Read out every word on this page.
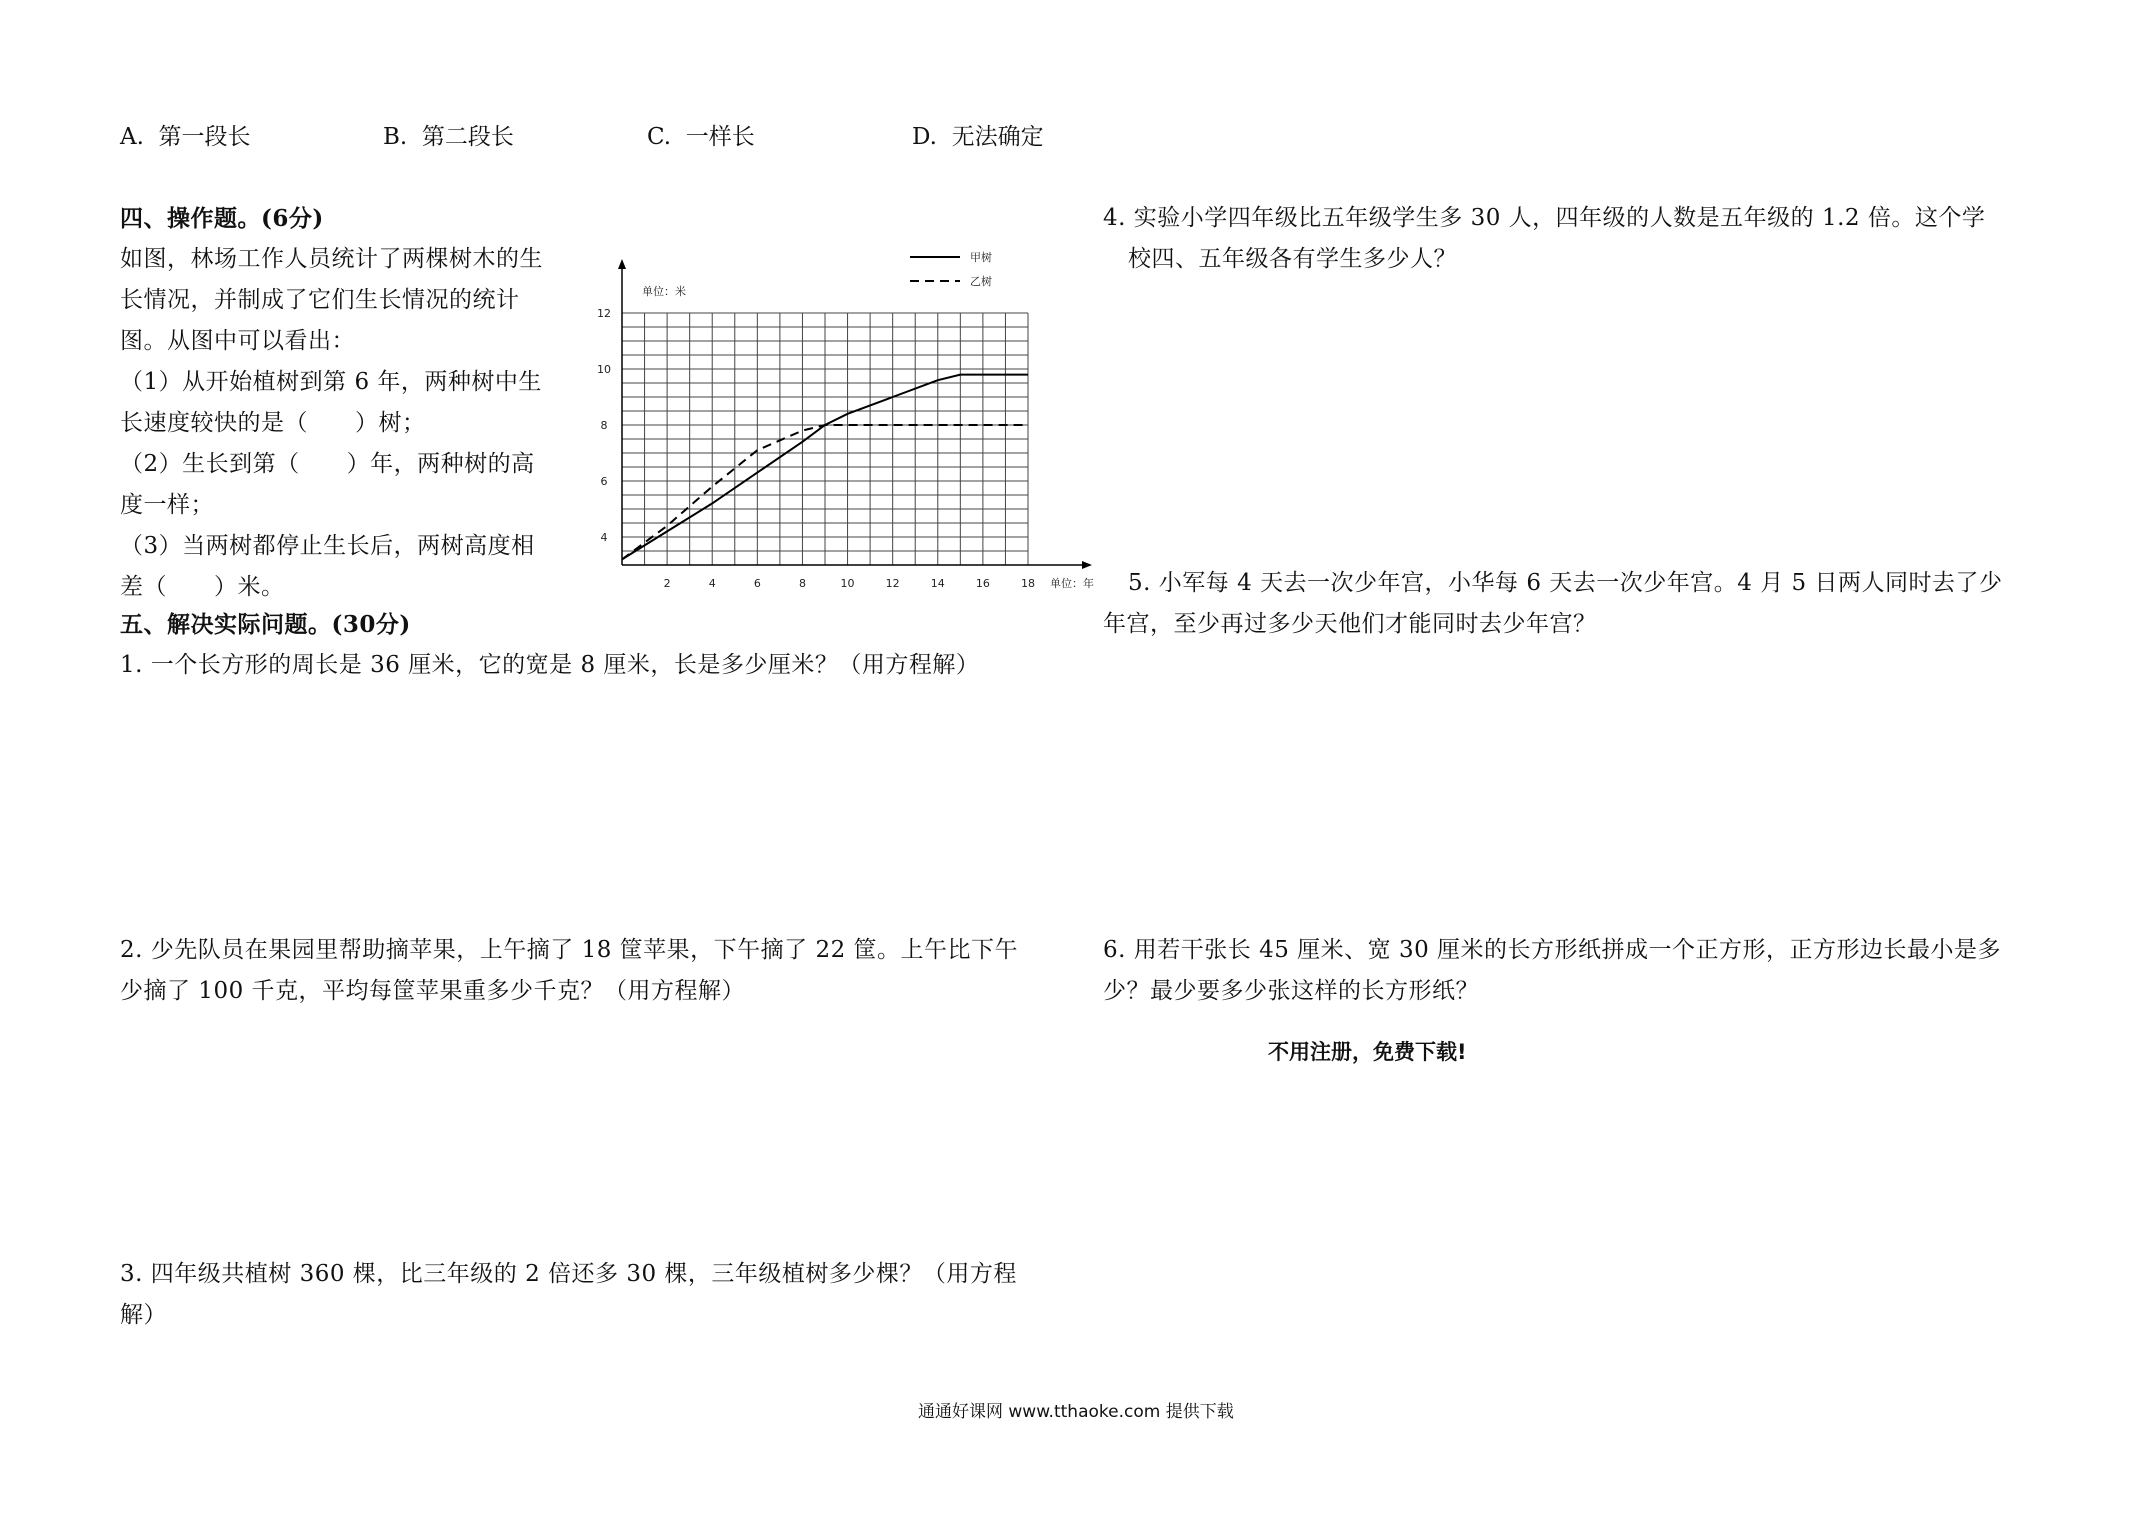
A. 第一段长	B. 第二段长	C. 一样长	D. 无法确定
四、操作题。(6分)
如图，林场工作人员统计了两棵树木的生
长情况，并制成了它们生长情况的统计
图。从图中可以看出：
（1）从开始植树到第 6 年，两种树中生
长速度较快的是（　　）树；
（2）生长到第（　　）年，两种树的高
度一样；
（3）当两树都停止生长后，两树高度相
差（　　）米。	2	4	6	8	10	12	14	16	18
4
6
8
10
12
单位：米
单位：年
甲树
乙树
五、解决实际问题。(30分)
1. 一个长方形的周长是 36 厘米，它的宽是 8 厘米，长是多少厘米？（用方程解）
2. 少先队员在果园里帮助摘苹果，上午摘了 18 筐苹果，下午摘了 22 筐。上午比下午
少摘了 100 千克，平均每筐苹果重多少千克？（用方程解）
3. 四年级共植树 360 棵，比三年级的 2 倍还多 30 棵，三年级植树多少棵？（用方程
解）
4. 实验小学四年级比五年级学生多 30 人，四年级的人数是五年级的 1.2 倍。这个学
校四、五年级各有学生多少人？
5. 小军每 4 天去一次少年宫，小华每 6 天去一次少年宫。4 月 5 日两人同时去了少
年宫，至少再过多少天他们才能同时去少年宫？
6. 用若干张长 45 厘米、宽 30 厘米的长方形纸拼成一个正方形，正方形边长最小是多
少？最少要多少张这样的长方形纸？
不用注册，免费下载!
通通好课网 www.tthaoke.com 提供下载
